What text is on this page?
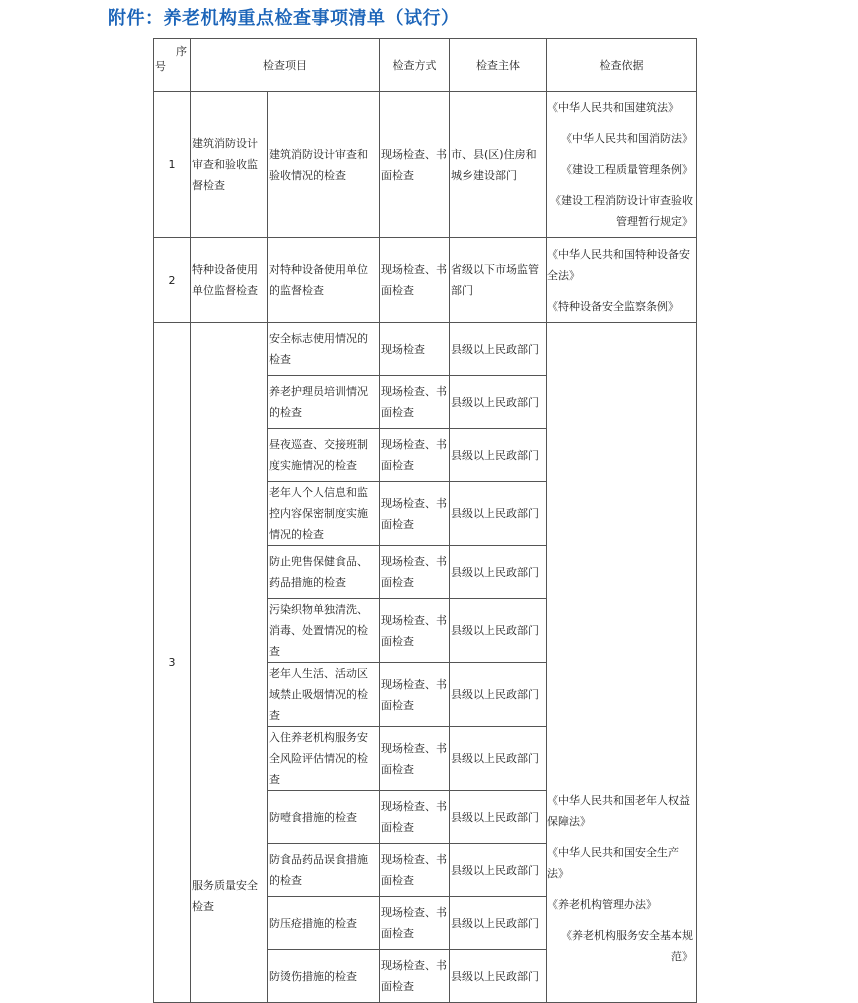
附件：养老机构重点检查事项清单（试行）
序
号	检查项目		检查方式	检查主体	检查依据
1	建筑消防设计审查和验收监督检查	建筑消防设计审查和验收情况的检查	现场检查、书面检查	市、县(区)住房和城乡建设部门	《中华人民共和国建筑法》

《中华人民共和国消防法》

《建设工程质量管理条例》

《建设工程消防设计审查验收管理暂行规定》

2	特种设备使用单位监督检查	对特种设备使用单位的监督检查	现场检查、书面检查	省级以下市场监管部门	《中华人民共和国特种设备安全法》

《特种设备安全监察条例》

3	服务质量安全检查	安全标志使用情况的检查	现场检查	县级以上民政部门	《中华人民共和国老年人权益保障法》

《中华人民共和国安全生产法》

《养老机构管理办法》

《养老机构服务安全基本规范》

		养老护理员培训情况的检查	现场检查、书面检查	县级以上民政部门	
		昼夜巡查、交接班制度实施情况的检查	现场检查、书面检查	县级以上民政部门	
		老年人个人信息和监控内容保密制度实施情况的检查	现场检查、书面检查	县级以上民政部门	
		防止兜售保健食品、药品措施的检查	现场检查、书面检查	县级以上民政部门	
		污染织物单独清洗、消毒、处置情况的检查	现场检查、书面检查	县级以上民政部门	
		老年人生活、活动区域禁止吸烟情况的检查	现场检查、书面检查	县级以上民政部门	
		入住养老机构服务安全风险评估情况的检查	现场检查、书面检查	县级以上民政部门	
		防噎食措施的检查	现场检查、书面检查	县级以上民政部门	
		防食品药品误食措施的检查	现场检查、书面检查	县级以上民政部门	
		防压疮措施的检查	现场检查、书面检查	县级以上民政部门	
		防烫伤措施的检查	现场检查、书面检查	县级以上民政部门	
